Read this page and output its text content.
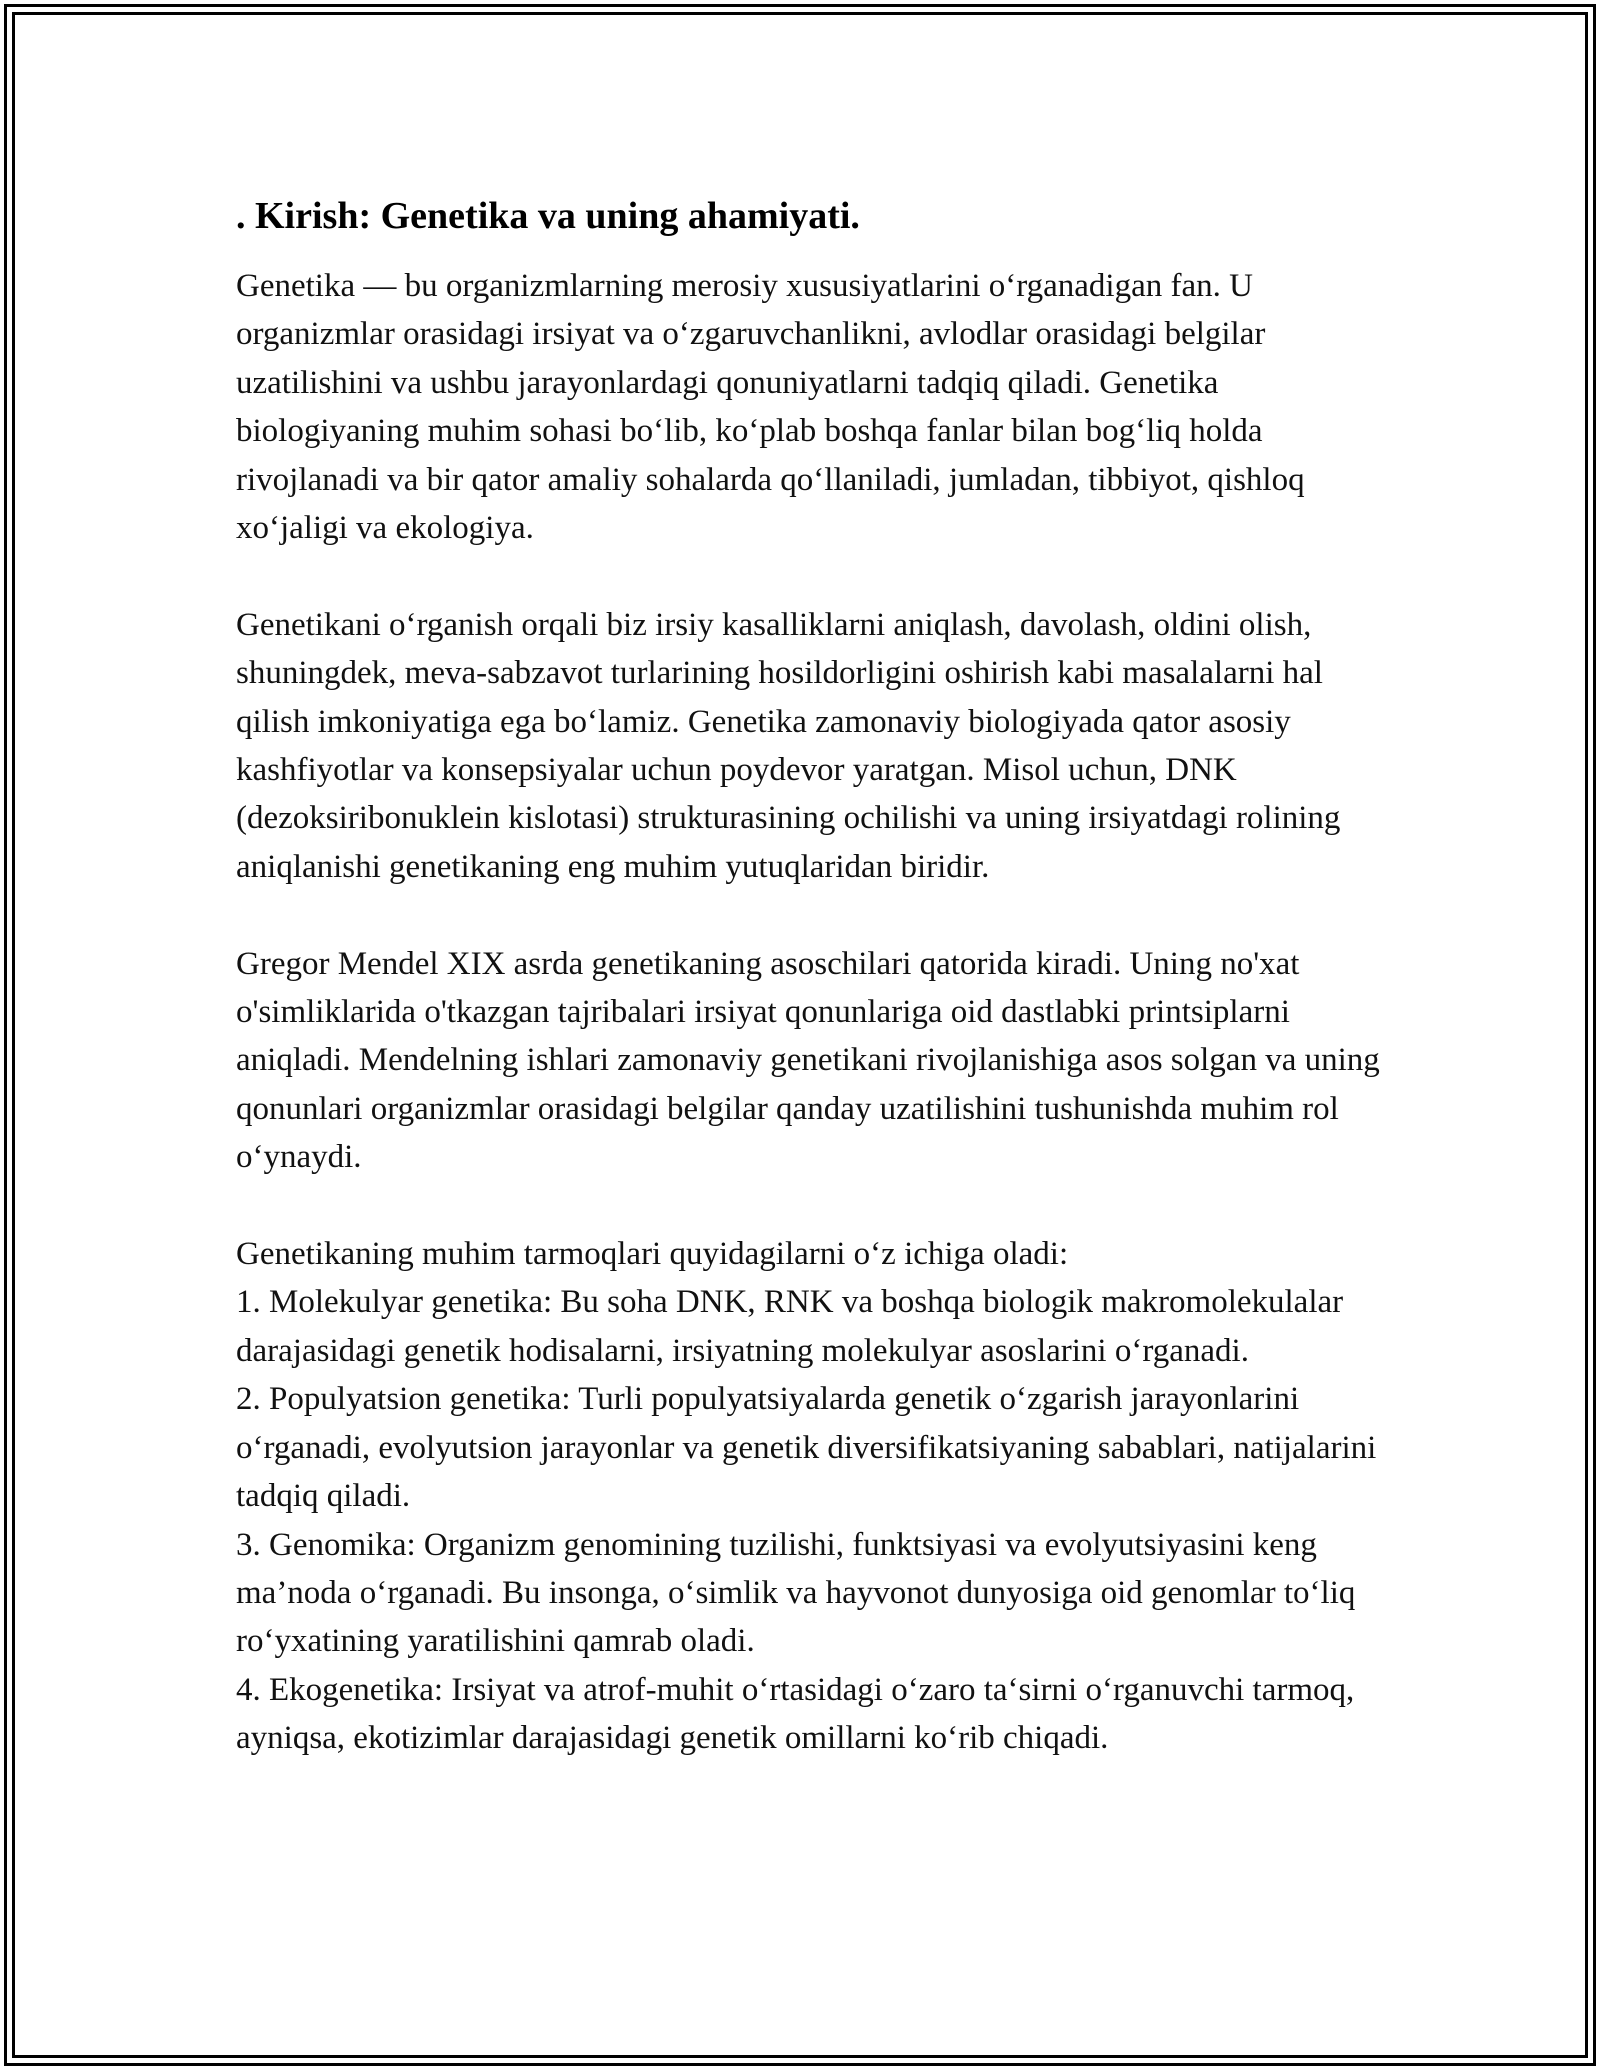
. Kirish: Genetika va uning ahamiyati.

Genetika — bu organizmlarning merosiy xususiyatlarini o‘rganadigan fan. U organizmlar orasidagi irsiyat va o‘zgaruvchanlikni, avlodlar orasidagi belgilar uzatilishini va ushbu jarayonlardagi qonuniyatlarni tadqiq qiladi. Genetika biologiyaning muhim sohasi bo‘lib, ko‘plab boshqa fanlar bilan bog‘liq holda rivojlanadi va bir qator amaliy sohalarda qo‘llaniladi, jumladan, tibbiyot, qishloq xo‘jaligi va ekologiya.

Genetikani o‘rganish orqali biz irsiy kasalliklarni aniqlash, davolash, oldini olish, shuningdek, meva-sabzavot turlarining hosildorligini oshirish kabi masalalarni hal qilish imkoniyatiga ega bo‘lamiz. Genetika zamonaviy biologiyada qator asosiy kashfiyotlar va konsepsiyalar uchun poydevor yaratgan. Misol uchun, DNK (dezoksiribonuklein kislotasi) strukturasining ochilishi va uning irsiyatdagi rolining aniqlanishi genetikaning eng muhim yutuqlaridan biridir.

Gregor Mendel XIX asrda genetikaning asoschilari qatorida kiradi. Uning no'xat o'simliklarida o'tkazgan tajribalari irsiyat qonunlariga oid dastlabki printsiplarni aniqladi. Mendelning ishlari zamonaviy genetikani rivojlanishiga asos solgan va uning qonunlari organizmlar orasidagi belgilar qanday uzatilishini tushunishda muhim rol o‘ynaydi.

Genetikaning muhim tarmoqlari quyidagilarni o‘z ichiga oladi:

1. Molekulyar genetika: Bu soha DNK, RNK va boshqa biologik makromolekulalar darajasidagi genetik hodisalarni, irsiyatning molekulyar asoslarini o‘rganadi.
2. Populyatsion genetika: Turli populyatsiyalarda genetik o‘zgarish jarayonlarini o‘rganadi, evolyutsion jarayonlar va genetik diversifikatsiyaning sabablari, natijalarini tadqiq qiladi.
3. Genomika: Organizm genomining tuzilishi, funktsiyasi va evolyutsiyasini keng ma’noda o‘rganadi. Bu insonga, o‘simlik va hayvonot dunyosiga oid genomlar to‘liq ro‘yxatining yaratilishini qamrab oladi.
4. Ekogenetika: Irsiyat va atrof-muhit o‘rtasidagi o‘zaro ta‘sirni o‘rganuvchi tarmoq, ayniqsa, ekotizimlar darajasidagi genetik omillarni ko‘rib chiqadi.
